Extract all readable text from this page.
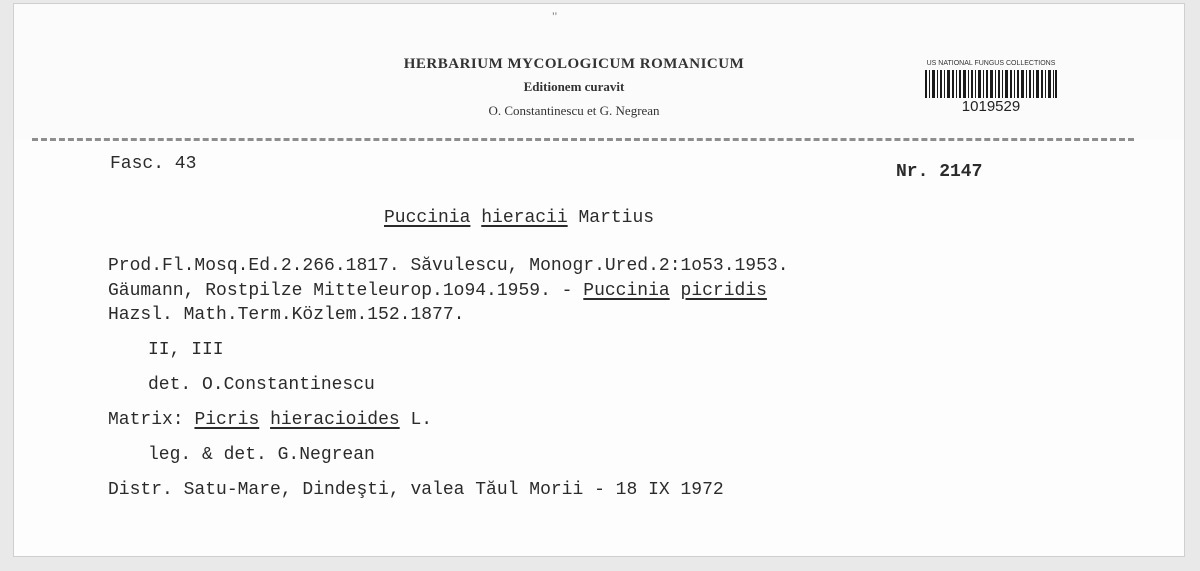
’’
HERBARIUM MYCOLOGICUM ROMANICUM
Editionem curavit
O. Constantinescu et G. Negrean
US NATIONAL FUNGUS COLLECTIONS
1019529
Fasc. 43	Nr. 2147
Puccinia hieracii Martius
Prod.Fl.Mosq.Ed.2.266.1817. Săvulescu, Monogr.Ured.2:1o53.1953.
Gäumann, Rostpilze Mitteleurop.1o94.1959. - Puccinia picridis
Hazsl. Math.Term.Közlem.152.1877.
II, III
det. O.Constantinescu
Matrix: Picris hieracioides L.
leg. & det. G.Negrean
Distr. Satu-Mare, Dindeşti, valea Tăul Morii - 18 IX 1972
